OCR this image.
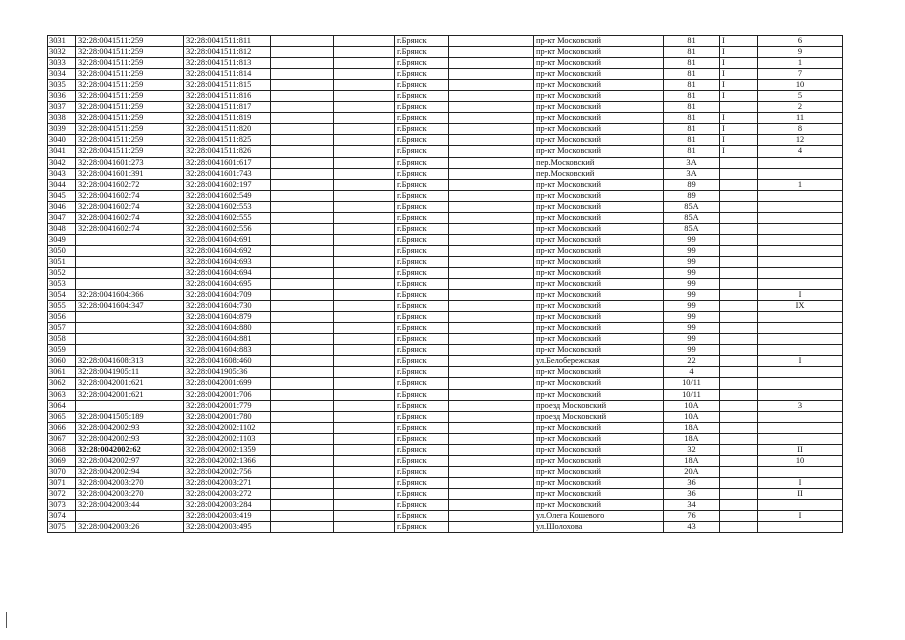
3031	32:28:0041511:259	32:28:0041511:811			г.Брянск		пр-кт Московский	81	I	6
3032	32:28:0041511:259	32:28:0041511:812			г.Брянск		пр-кт Московский	81	I	9
3033	32:28:0041511:259	32:28:0041511:813			г.Брянск		пр-кт Московский	81	I	1
3034	32:28:0041511:259	32:28:0041511:814			г.Брянск		пр-кт Московский	81	I	7
3035	32:28:0041511:259	32:28:0041511:815			г.Брянск		пр-кт Московский	81	I	10
3036	32:28:0041511:259	32:28:0041511:816			г.Брянск		пр-кт Московский	81	I	5
3037	32:28:0041511:259	32:28:0041511:817			г.Брянск		пр-кт Московский	81		2
3038	32:28:0041511:259	32:28:0041511:819			г.Брянск		пр-кт Московский	81	I	11
3039	32:28:0041511:259	32:28:0041511:820			г.Брянск		пр-кт Московский	81	I	8
3040	32:28:0041511:259	32:28:0041511:825			г.Брянск		пр-кт Московский	81	I	12
3041	32:28:0041511:259	32:28:0041511:826			г.Брянск		пр-кт Московский	81	I	4
3042	32:28:0041601:273	32:28:0041601:617			г.Брянск		пер.Московский	3А		
3043	32:28:0041601:391	32:28:0041601:743			г.Брянск		пер.Московский	3А		
3044	32:28:0041602:72	32:28:0041602:197			г.Брянск		пр-кт Московский	89		1
3045	32:28:0041602:74	32:28:0041602:549			г.Брянск		пр-кт Московский	89		
3046	32:28:0041602:74	32:28:0041602:553			г.Брянск		пр-кт Московский	85А		
3047	32:28:0041602:74	32:28:0041602:555			г.Брянск		пр-кт Московский	85А		
3048	32:28:0041602:74	32:28:0041602:556			г.Брянск		пр-кт Московский	85А		
3049		32:28:0041604:691			г.Брянск		пр-кт Московский	99		
3050		32:28:0041604:692			г.Брянск		пр-кт Московский	99		
3051		32:28:0041604:693			г.Брянск		пр-кт Московский	99		
3052		32:28:0041604:694			г.Брянск		пр-кт Московский	99		
3053		32:28:0041604:695			г.Брянск		пр-кт Московский	99		
3054	32:28:0041604:366	32:28:0041604:709			г.Брянск		пр-кт Московский	99		I
3055	32:28:0041604:347	32:28:0041604:730			г.Брянск		пр-кт Московский	99		IX
3056		32:28:0041604:879			г.Брянск		пр-кт Московский	99		
3057		32:28:0041604:880			г.Брянск		пр-кт Московский	99		
3058		32:28:0041604:881			г.Брянск		пр-кт Московский	99		
3059		32:28:0041604:883			г.Брянск		пр-кт Московский	99		
3060	32:28:0041608:313	32:28:0041608:460			г.Брянск		ул.Белобережская	22		I
3061	32:28:0041905:11	32:28:0041905:36			г.Брянск		пр-кт Московский	4		
3062	32:28:0042001:621	32:28:0042001:699			г.Брянск		пр-кт Московский	10/11		
3063	32:28:0042001:621	32:28:0042001:706			г.Брянск		пр-кт Московский	10/11		
3064		32:28:0042001:779			г.Брянск		проезд Московский	10А		3
3065	32:28:0041505:189	32:28:0042001:780			г.Брянск		проезд Московский	10А		
3066	32:28:0042002:93	32:28:0042002:1102			г.Брянск		пр-кт Московский	18А		
3067	32:28:0042002:93	32:28:0042002:1103			г.Брянск		пр-кт Московский	18А		
3068	32:28:0042002:62	32:28:0042002:1359			г.Брянск		пр-кт Московский	32		II
3069	32:28:0042002:97	32:28:0042002:1366			г.Брянск		пр-кт Московский	18А		10
3070	32:28:0042002:94	32:28:0042002:756			г.Брянск		пр-кт Московский	20А		
3071	32:28:0042003:270	32:28:0042003:271			г.Брянск		пр-кт Московский	36		I
3072	32:28:0042003:270	32:28:0042003:272			г.Брянск		пр-кт Московский	36		II
3073	32:28:0042003:44	32:28:0042003:284			г.Брянск		пр-кт Московский	34		
3074		32:28:0042003:419			г.Брянск		ул.Олега Кошевого	76		I
3075	32:28:0042003:26	32:28:0042003:495			г.Брянск		ул.Шолохова	43		
